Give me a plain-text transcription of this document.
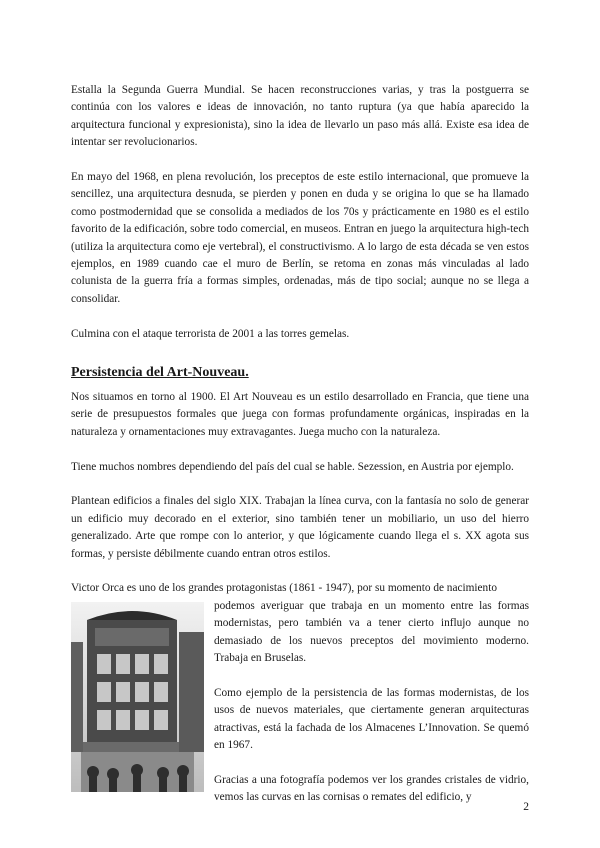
Estalla la Segunda Guerra Mundial. Se hacen reconstrucciones varias, y tras la postguerra se continúa con los valores e ideas de innovación, no tanto ruptura (ya que había aparecido la arquitectura funcional y expresionista), sino la idea de llevarlo un paso más allá. Existe esa idea de intentar ser revolucionarios.

En mayo del 1968, en plena revolución, los preceptos de este estilo internacional, que promueve la sencillez, una arquitectura desnuda, se pierden y ponen en duda y se origina lo que se ha llamado como postmodernidad que se consolida a mediados de los 70s y prácticamente en 1980 es el estilo favorito de la edificación, sobre todo comercial, en museos. Entran en juego la arquitectura high-tech (utiliza la arquitectura como eje vertebral), el constructivismo. A lo largo de esta década se ven estos ejemplos, en 1989 cuando cae el muro de Berlín, se retoma en zonas más vinculadas al lado colunista de la guerra fría a formas simples, ordenadas, más de tipo social; aunque no se llega a consolidar.

Culmina con el ataque terrorista de 2001 a las torres gemelas.

Persistencia del Art-Nouveau.

Nos situamos en torno al 1900. El Art Nouveau es un estilo desarrollado en Francia, que tiene una serie de presupuestos formales que juega con formas profundamente orgánicas, inspiradas en la naturaleza y ornamentaciones muy extravagantes. Juega mucho con la naturaleza.

Tiene muchos nombres dependiendo del país del cual se hable. Sezession, en Austria por ejemplo.

Plantean edificios a finales del siglo XIX. Trabajan la línea curva, con la fantasía no solo de generar un edificio muy decorado en el exterior, sino también tener un mobiliario, un uso del hierro generalizado. Arte que rompe con lo anterior, y que lógicamente cuando llega el s. XX agota sus formas, y persiste débilmente cuando entran otros estilos.

Victor Orca es uno de los grandes protagonistas (1861 - 1947), por su momento de nacimiento

podemos averiguar que trabaja en un momento entre las formas modernistas, pero también va a tener cierto influjo aunque no demasiado de los nuevos preceptos del movimiento moderno. Trabaja en Bruselas.

Como ejemplo de la persistencia de las formas modernistas, de los usos de nuevos materiales, que ciertamente generan arquitecturas atractivas, está la fachada de los Almacenes L’Innovation. Se quemó en 1967.

Gracias a una fotografía podemos ver los grandes cristales de vidrio, vemos las curvas en las cornisas o remates del edificio, y

2
